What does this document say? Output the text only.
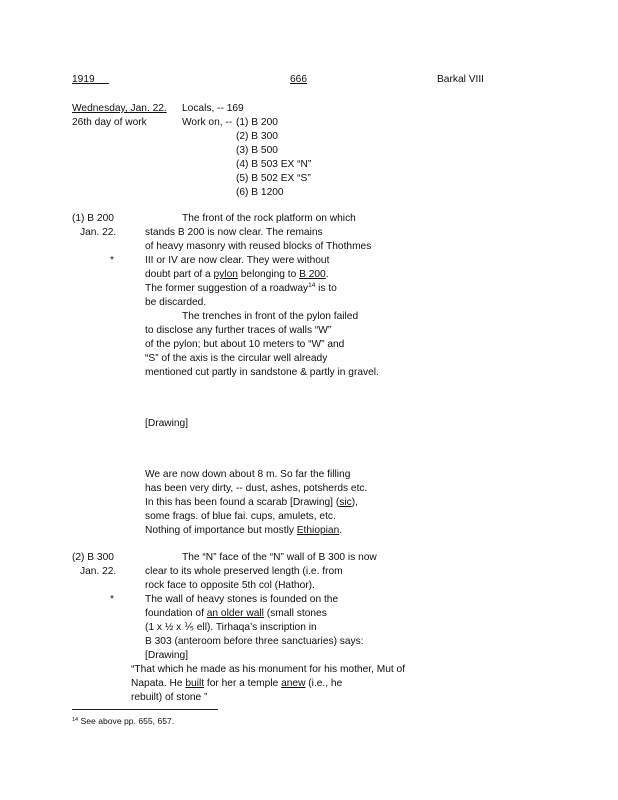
1919	666	Barkal VIII
Wednesday, Jan. 22.
26th day of work
Locals, -- 169
Work on, -- (1) B 200
(2) B 300
(3) B 500
(4) B 503 EX “N”
(5) B 502 EX “S”
(6) B 1200
(1) B 200
Jan. 22.
*
The front of the rock platform on which
stands B 200 is now clear. The remains
of heavy masonry with reused blocks of Thothmes
III or IV are now clear. They were without
doubt part of a pylon belonging to B 200.
The former suggestion of a roadway$^{14}$ is to
be discarded.
The trenches in front of the pylon failed
to disclose any further traces of walls “W”
of the pylon; but about 10 meters to “W” and
“S” of the axis is the circular well already
mentioned cut partly in sandstone & partly in gravel.
[Drawing]
We are now down about 8 m. So far the filling
has been very dirty, -- dust, ashes, potsherds etc.
In this has been found a scarab [Drawing] (sic),
some frags. of blue fai. cups, amulets, etc.
Nothing of importance but mostly Ethiopian.
(2) B 300
Jan. 22.
*
The “N” face of the “N” wall of B 300 is now
clear to its whole preserved length (i.e. from
rock face to opposite 5th col (Hathor).
The wall of heavy stones is founded on the
foundation of an older wall (small stones
(1 x ½ x ⅕ ell). Tirhaqa’s inscription in
B 303 (anteroom before three sanctuaries) says:
[Drawing]
“That which he made as his monument for his mother, Mut of
Napata. He built for her a temple anew (i.e., he
rebuilt) of stone ”
$^{14}$ See above pp. 655, 657.
